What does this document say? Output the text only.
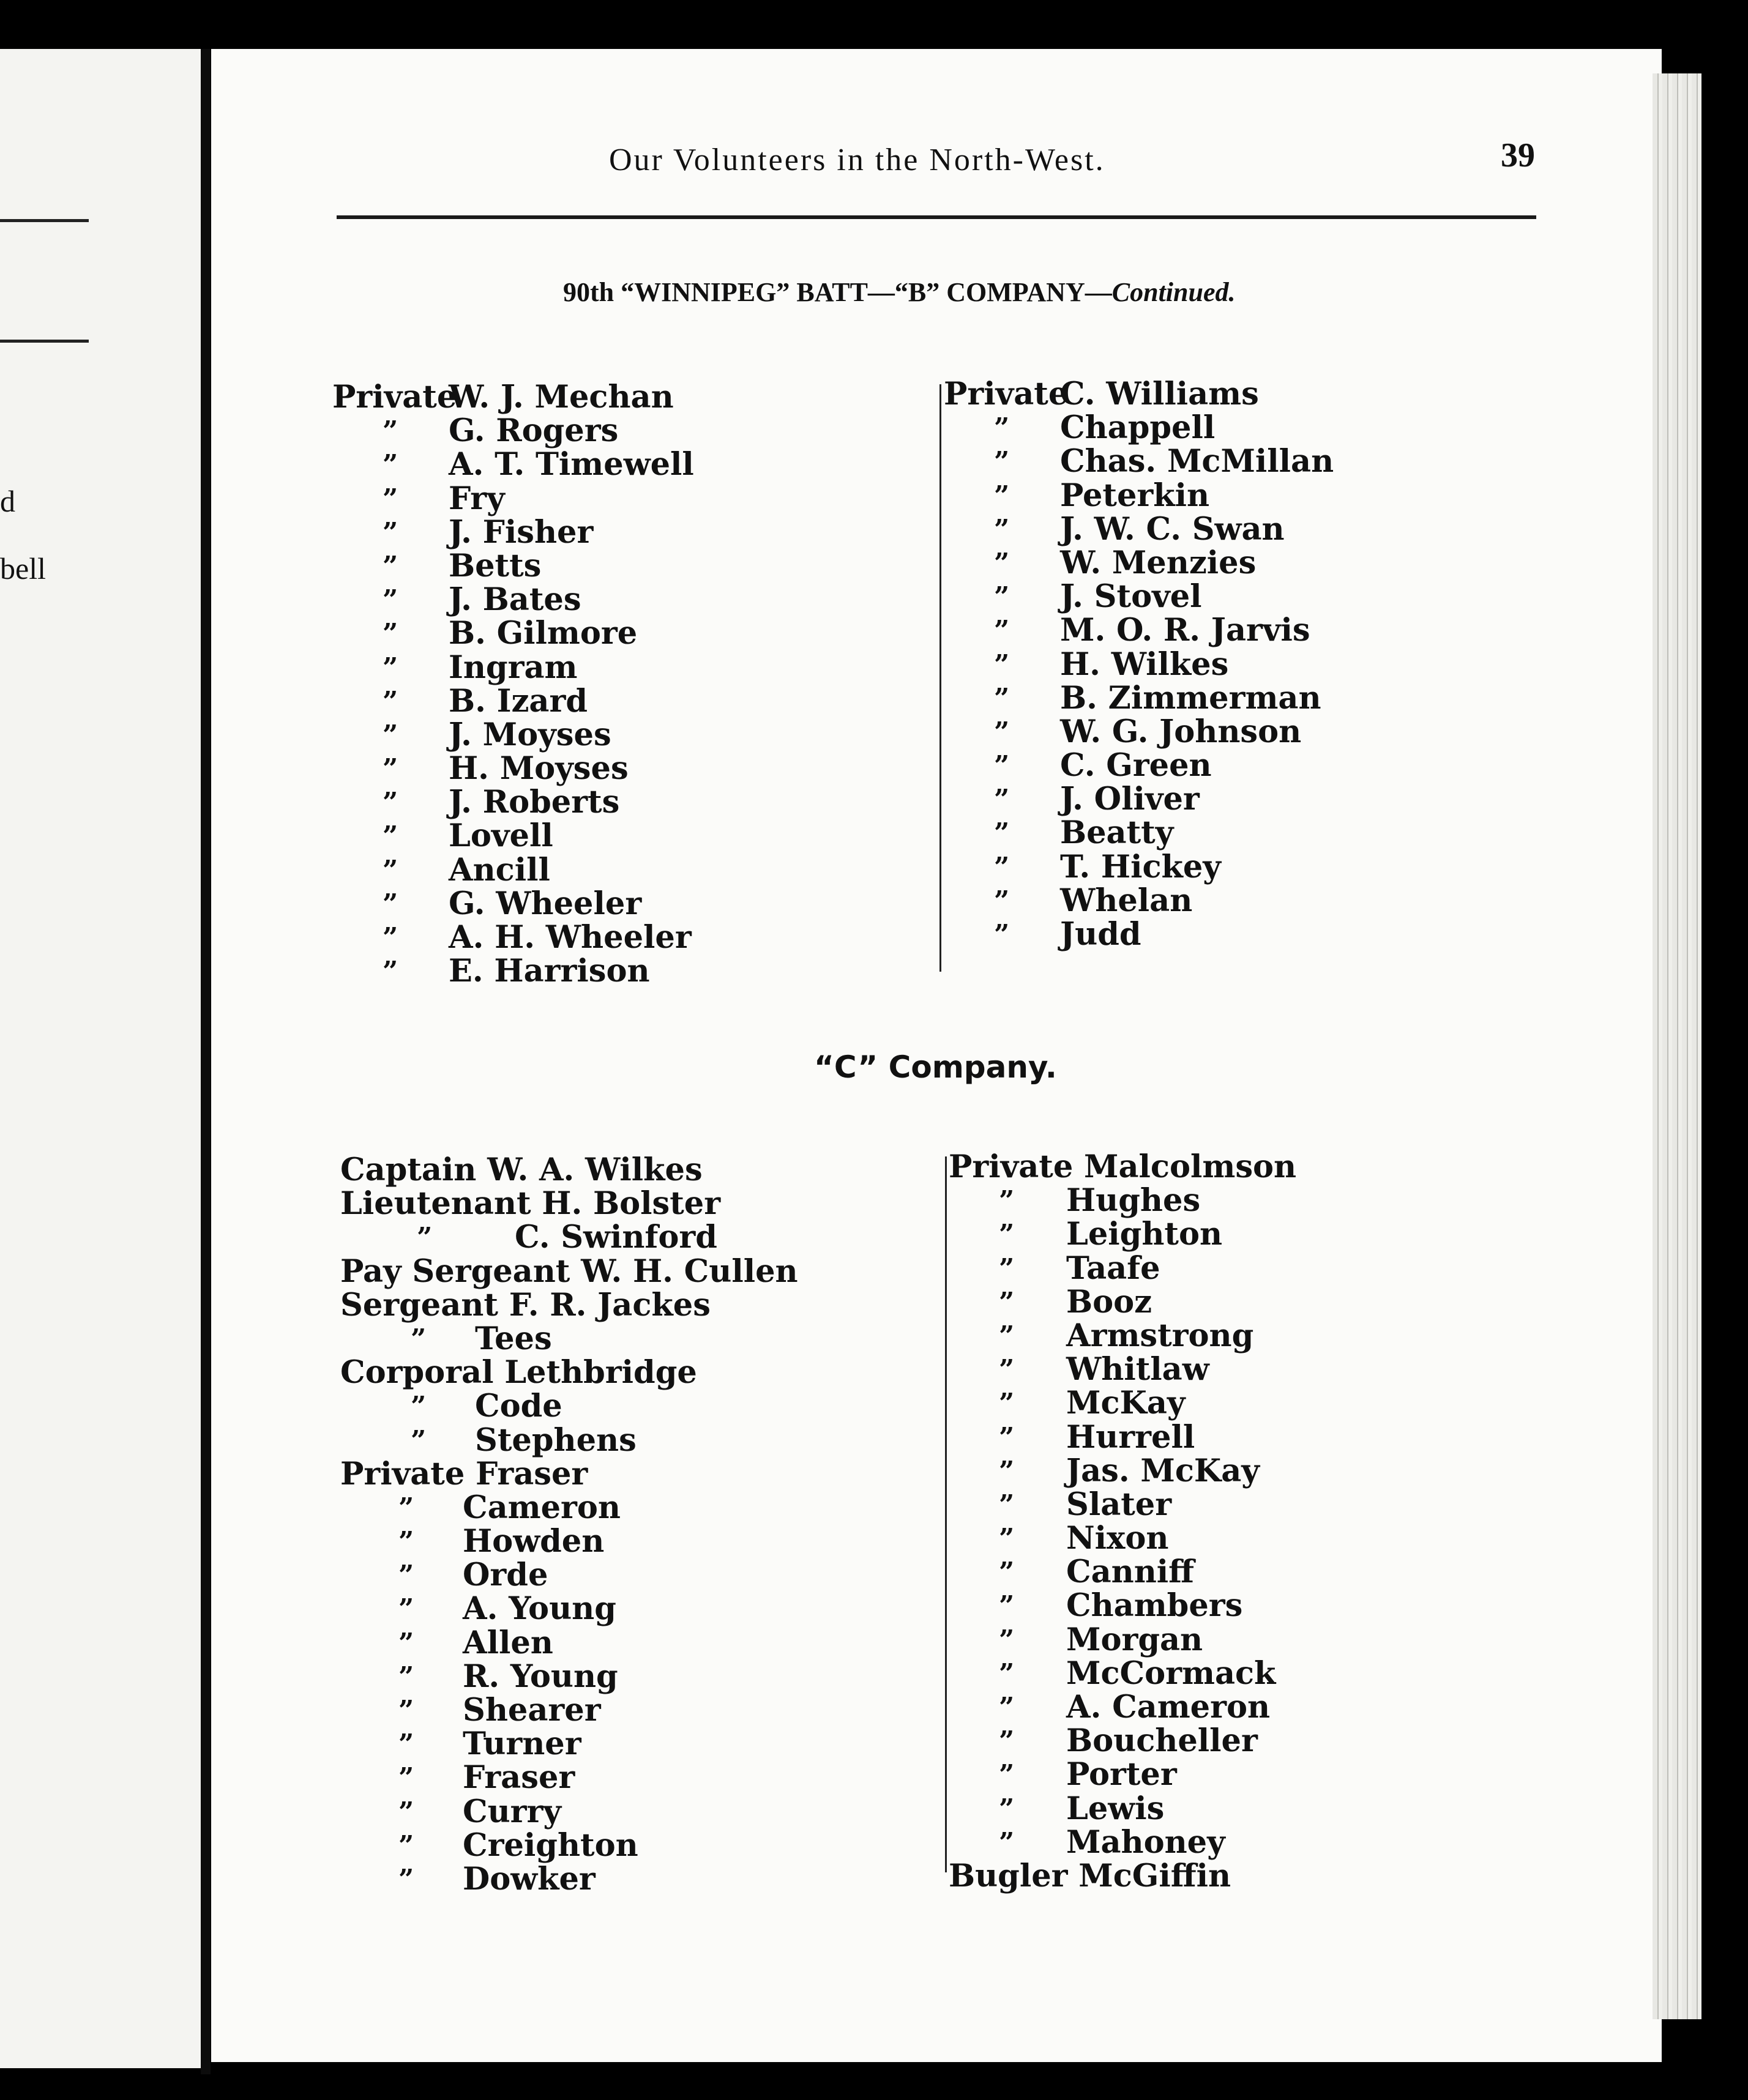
d
bell
Our Volunteers in the North-West.	39
90th “WINNIPEG” BATT—“B” COMPANY—Continued.
Private
W. J. Mechan
” G. Rogers
” A. T. Timewell
” Fry
” J. Fisher
” Betts
” J. Bates
” B. Gilmore
” Ingram
” B. Izard
” J. Moyses
” H. Moyses
” J. Roberts
” Lovell
” Ancill
” G. Wheeler
” A. H. Wheeler
” E. Harrison
Private
C. Williams
” Chappell
” Chas. McMillan
” Peterkin
” J. W. C. Swan
” W. Menzies
” J. Stovel
” M. O. R. Jarvis
” H. Wilkes
” B. Zimmerman
” W. G. Johnson
” C. Green
” J. Oliver
” Beatty
” T. Hickey
” Whelan
” Judd
“C” Company.
Captain W. A. Wilkes
Lieutenant H. Bolster
”	C. Swinford
Pay Sergeant W. H. Cullen
Sergeant F. R. Jackes
” Tees
Corporal Lethbridge
” Code
” Stephens
Private Fraser
” Cameron
” Howden
” Orde
” A. Young
” Allen
” R. Young
” Shearer
” Turner
” Fraser
” Curry
” Creighton
” Dowker
Private Malcolmson
” Hughes
” Leighton
” Taafe
” Booz
” Armstrong
” Whitlaw
” McKay
” Hurrell
” Jas. McKay
” Slater
” Nixon
” Canniff
” Chambers
” Morgan
” McCormack
” A. Cameron
” Boucheller
” Porter
” Lewis
” Mahoney
Bugler McGiffin
